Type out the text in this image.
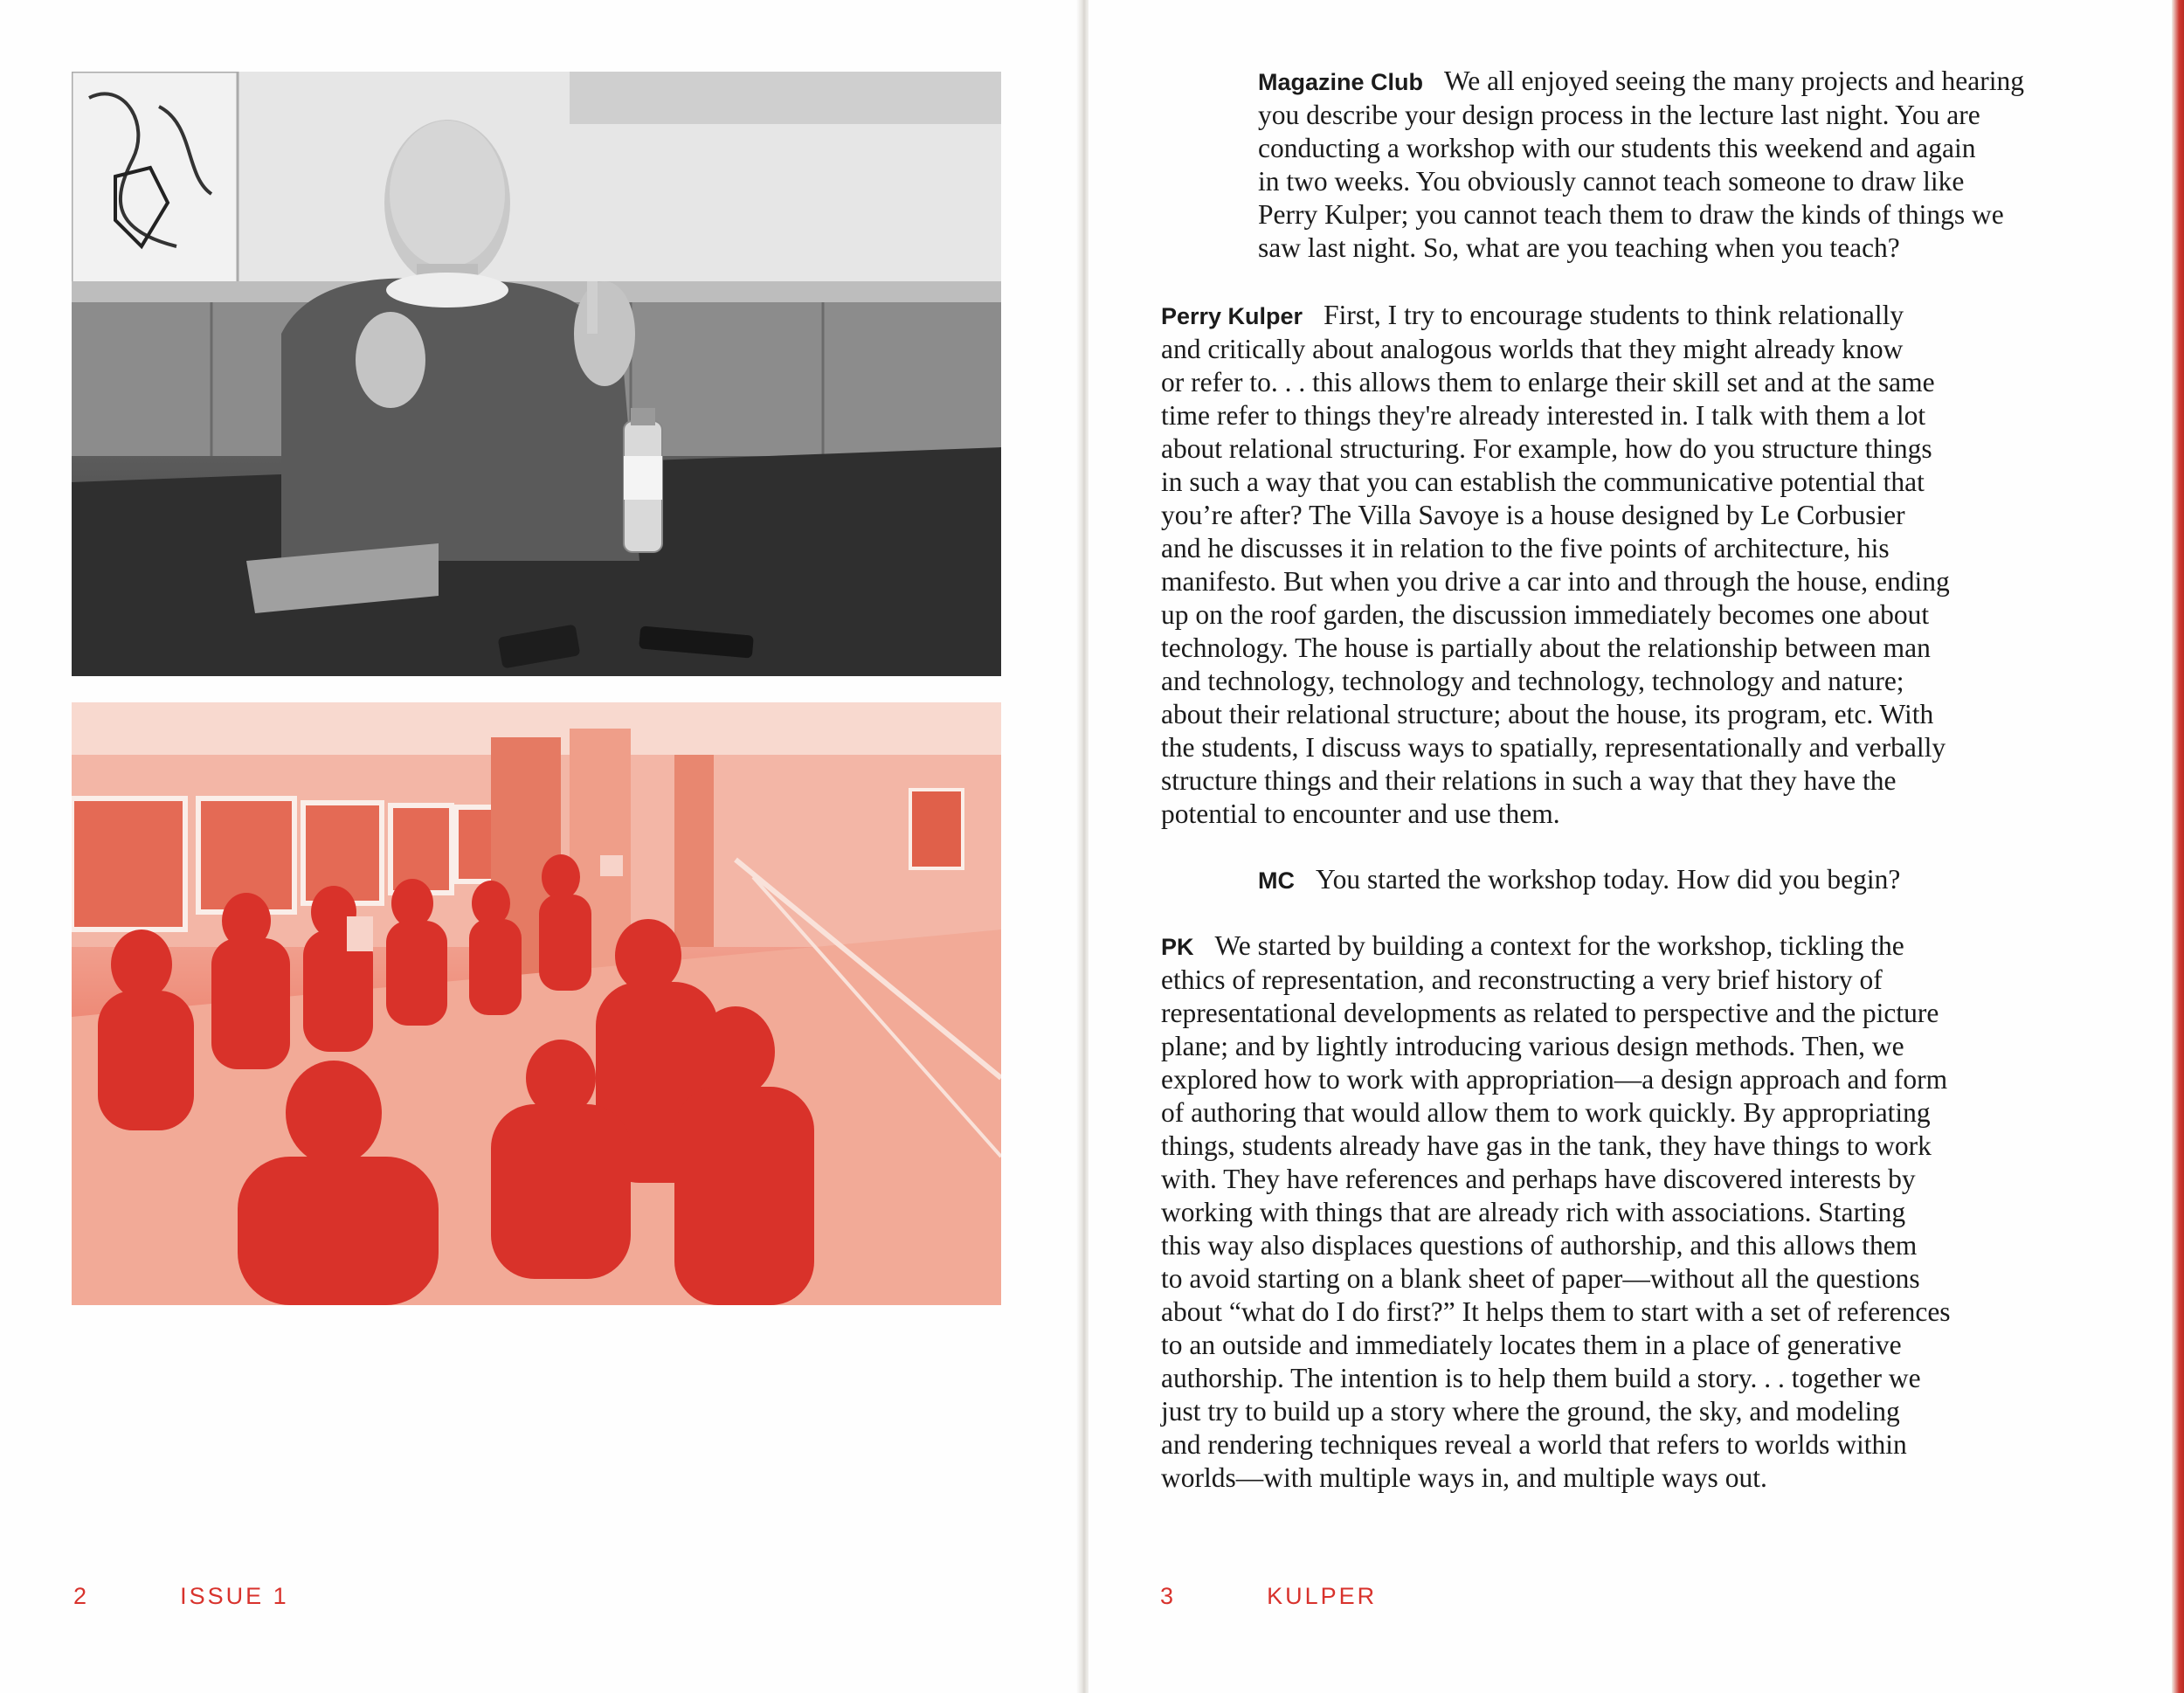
2	ISSUE 1

Magazine Club We all enjoyed seeing the many projects and hearing

you describe your design process in the lecture last night. You are

conducting a workshop with our students this weekend and again

in two weeks. You obviously cannot teach someone to draw like

Perry Kulper; you cannot teach them to draw the kinds of things we

saw last night. So, what are you teaching when you teach?

Perry Kulper First, I try to encourage students to think relationally

and critically about analogous worlds that they might already know

or refer to. . . this allows them to enlarge their skill set and at the same

time refer to things they're already interested in. I talk with them a lot

about relational structuring. For example, how do you structure things

in such a way that you can establish the communicative potential that

you’re after? The Villa Savoye is a house designed by Le Corbusier

and he discusses it in relation to the five points of architecture, his

manifesto. But when you drive a car into and through the house, ending

up on the roof garden, the discussion immediately becomes one about

technology. The house is partially about the relationship between man

and technology, technology and technology, technology and nature;

about their relational structure; about the house, its program, etc. With

the students, I discuss ways to spatially, representationally and verbally

structure things and their relations in such a way that they have the

potential to encounter and use them.

MC You started the workshop today. How did you begin?

PK We started by building a context for the workshop, tickling the

ethics of representation, and reconstructing a very brief history of

representational developments as related to perspective and the picture

plane; and by lightly introducing various design methods. Then, we

explored how to work with appropriation—a design approach and form

of authoring that would allow them to work quickly. By appropriating

things, students already have gas in the tank, they have things to work

with. They have references and perhaps have discovered interests by

working with things that are already rich with associations. Starting

this way also displaces questions of authorship, and this allows them

to avoid starting on a blank sheet of paper—without all the questions

about “what do I do first?” It helps them to start with a set of references

to an outside and immediately locates them in a place of generative

authorship. The intention is to help them build a story. . . together we

just try to build up a story where the ground, the sky, and modeling

and rendering techniques reveal a world that refers to worlds within

worlds—with multiple ways in, and multiple ways out.

3	KULPER
